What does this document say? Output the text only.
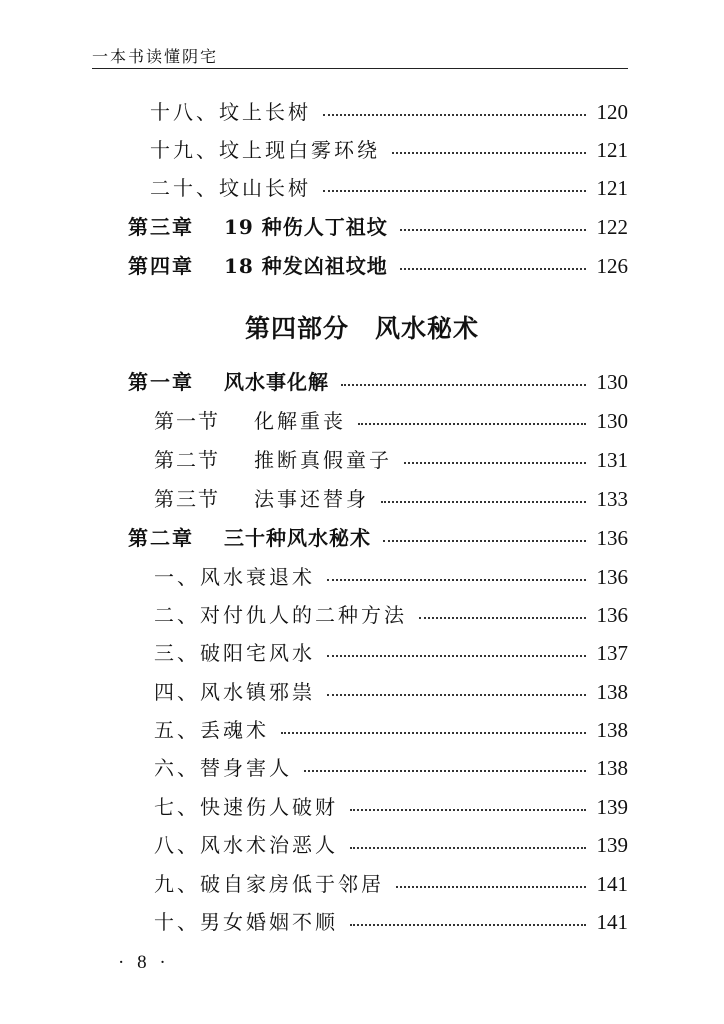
一本书读懂阴宅
十八、坟上长树	120
十九、坟上现白雾环绕	121
二十、坟山长树	121
第三章 19 种伤人丁祖坟	122
第四章 18 种发凶祖坟地	126
第四部分 风水秘术
第一章 风水事化解	130
第一节 化解重丧	130
第二节 推断真假童子	131
第三节 法事还替身	133
第二章 三十种风水秘术	136
一、风水衰退术	136
二、对付仇人的二种方法	136
三、破阳宅风水	137
四、风水镇邪祟	138
五、丢魂术	138
六、替身害人	138
七、快速伤人破财	139
八、风水术治恶人	139
九、破自家房低于邻居	141
十、男女婚姻不顺	141
· 8 ·
